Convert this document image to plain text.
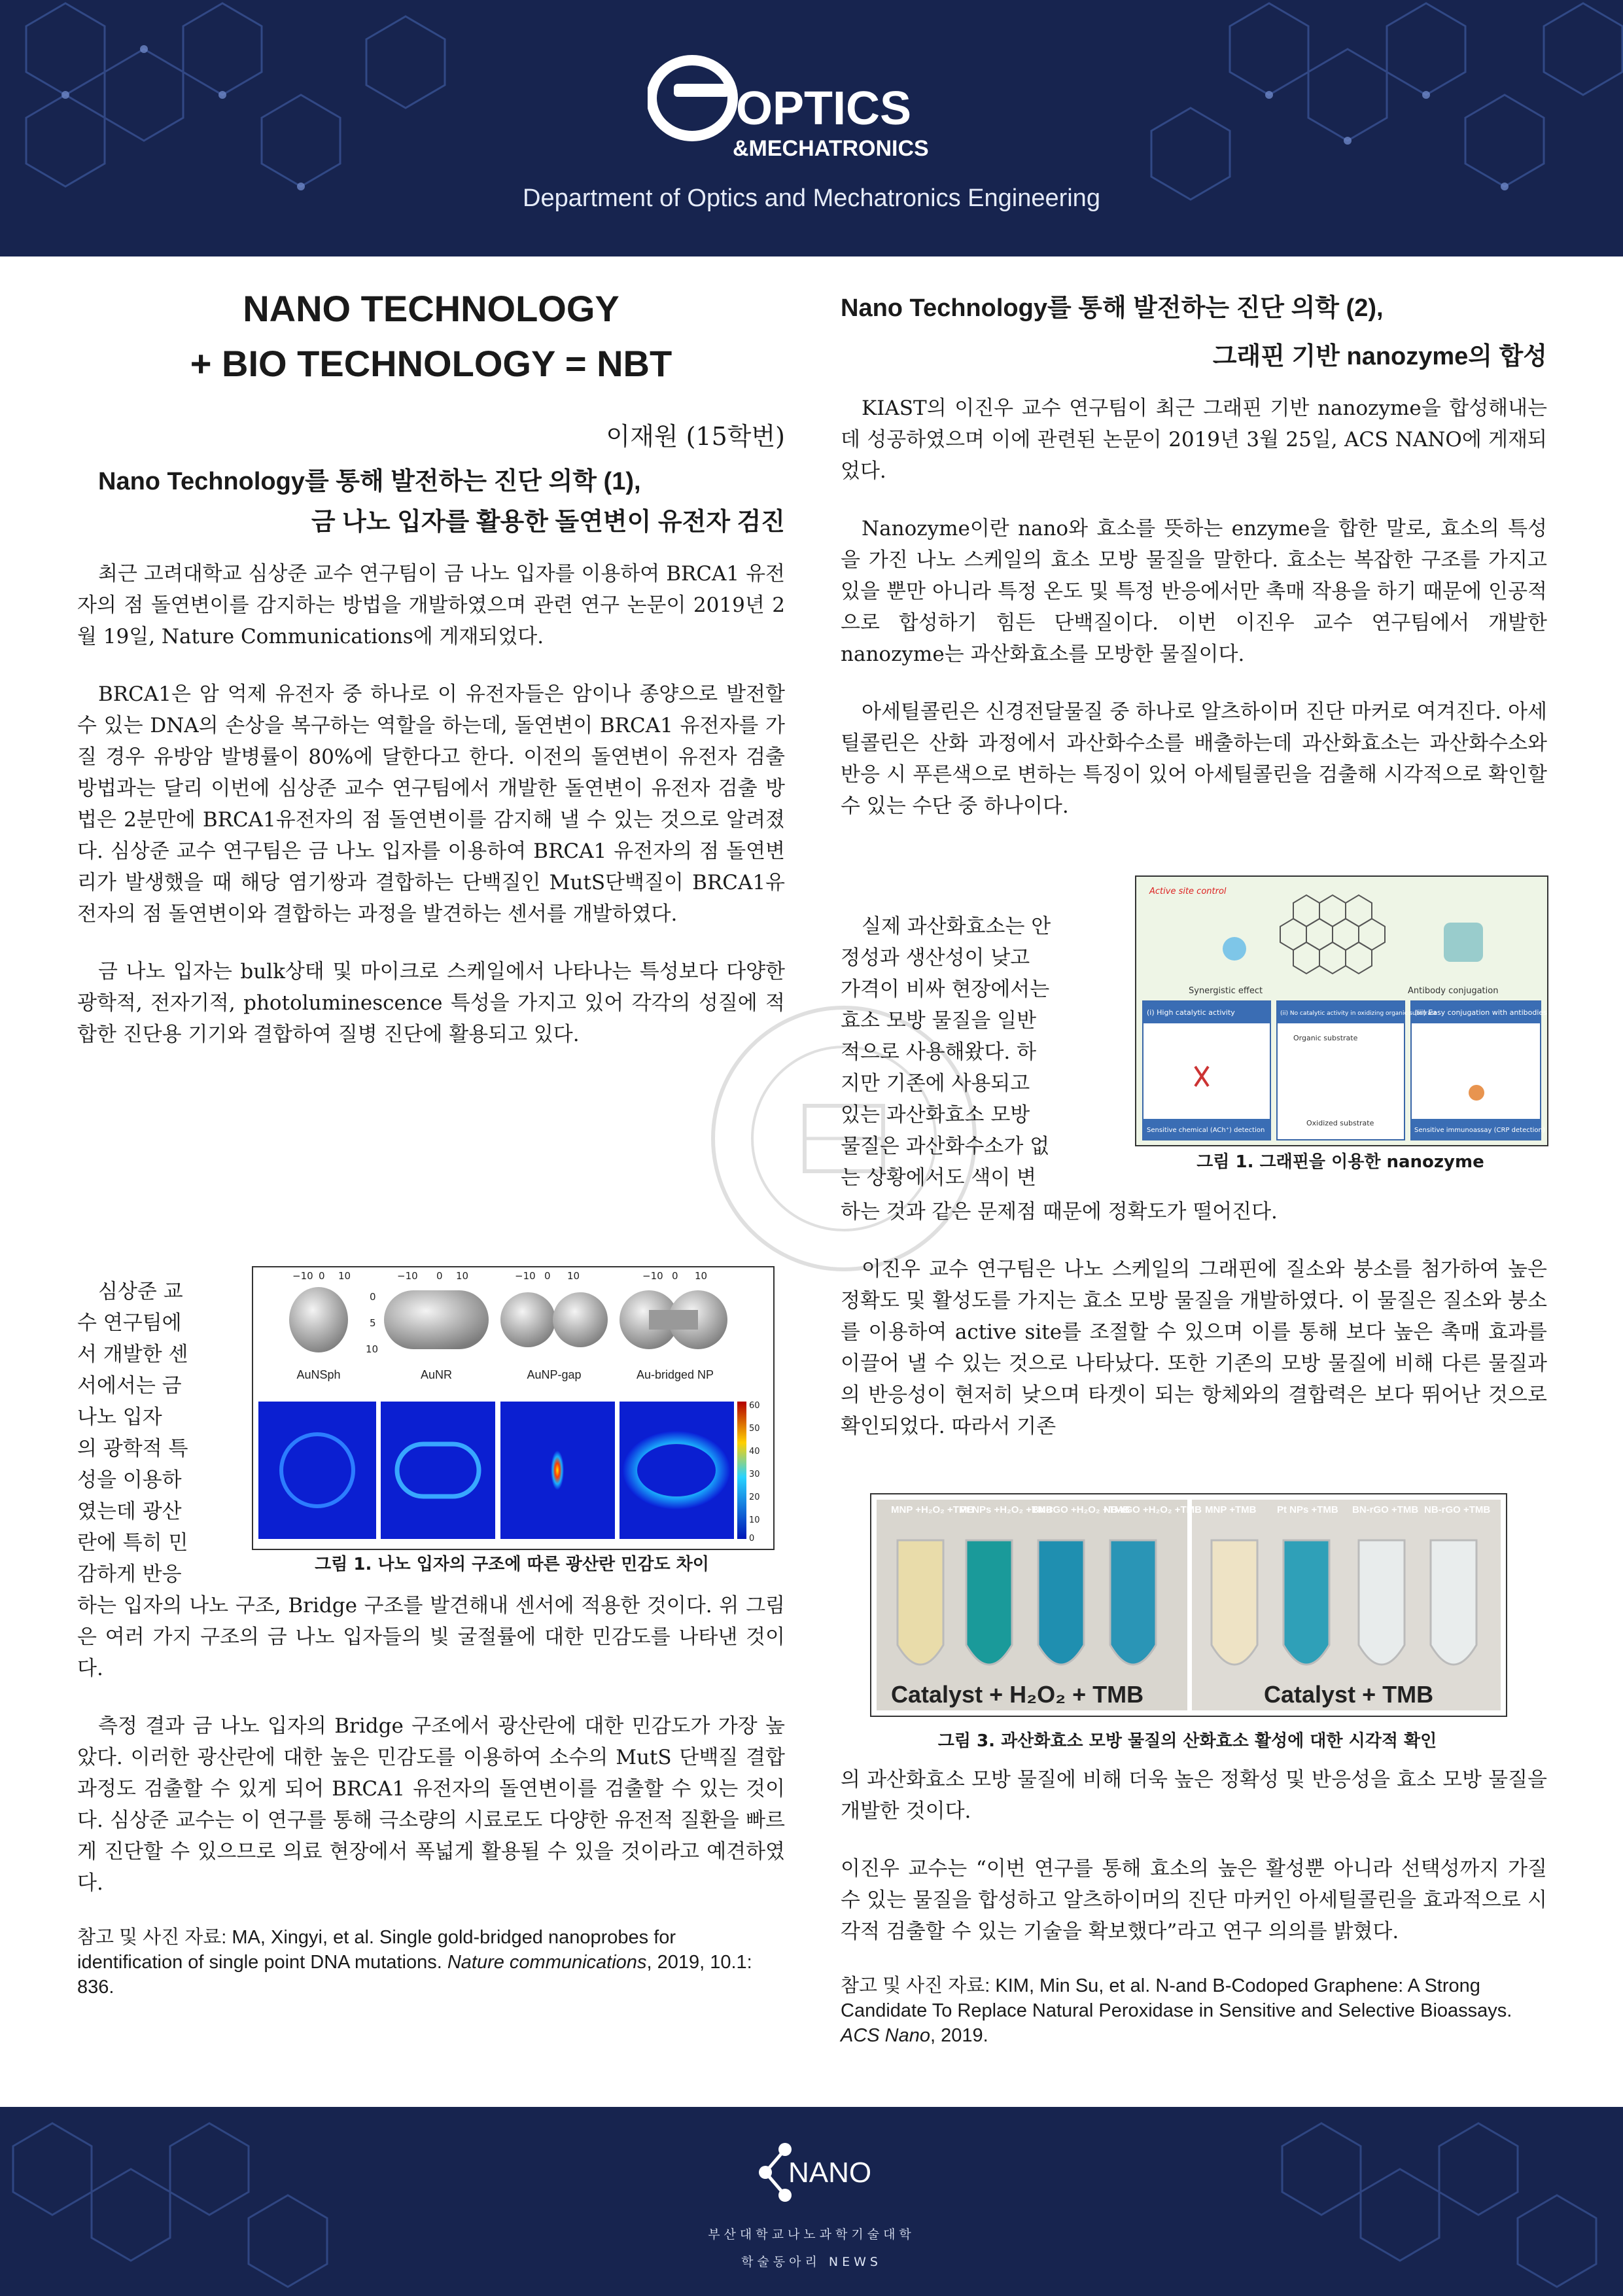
OPTICS
&MECHATRONICS
Department of Optics and Mechatronics Engineering
NANO TECHNOLOGY
+ BIO TECHNOLOGY = NBT
이재원 (15학번)
Nano Technology를 통해 발전하는 진단 의학 (1),
금 나노 입자를 활용한 돌연변이 유전자 검진

최근 고려대학교 심상준 교수 연구팀이 금 나노 입자를 이용하여 BRCA1 유전자의 점 돌연변이를 감지하는 방법을 개발하였으며 관련 연구 논문이 2019년 2월 19일, Nature Communications에 게재되었다.

BRCA1은 암 억제 유전자 중 하나로 이 유전자들은 암이나 종양으로 발전할 수 있는 DNA의 손상을 복구하는 역할을 하는데, 돌연변이 BRCA1 유전자를 가질 경우 유방암 발병률이 80%에 달한다고 한다. 이전의 돌연변이 유전자 검출 방법과는 달리 이번에 심상준 교수 연구팀에서 개발한 돌연변이 유전자 검출 방법은 2분만에 BRCA1유전자의 점 돌연변이를 감지해 낼 수 있는 것으로 알려졌다. 심상준 교수 연구팀은 금 나노 입자를 이용하여 BRCA1 유전자의 점 돌연변리가 발생했을 때 해당 염기쌍과 결합하는 단백질인 MutS단백질이 BRCA1유전자의 점 돌연변이와 결합하는 과정을 발견하는 센서를 개발하였다.

금 나노 입자는 bulk상태 및 마이크로 스케일에서 나타나는 특성보다 다양한 광학적, 전자기적, photoluminescence 특성을 가지고 있어 각각의 성질에 적합한 진단용 기기와 결합하여 질병 진단에 활용되고 있다.

심상준 교
수 연구팀에
서 개발한 센
서에서는 금
나노 입자
의 광학적 특
성을 이용하
였는데 광산
란에 특히 민
감하게 반응
−10 0 10	−10 0 10	−10 0 10	−10 0 10
0
5
10
AuNSph	AuNR	AuNP-gap	Au-bridged NP
60
50
40
30
20
10
0
그림 1. 나노 입자의 구조에 따른 광산란 민감도 차이

하는 입자의 나노 구조, Bridge 구조를 발견해내 센서에 적용한 것이다. 위 그림은 여러 가지 구조의 금 나노 입자들의 빛 굴절률에 대한 민감도를 나타낸 것이다.

측정 결과 금 나노 입자의 Bridge 구조에서 광산란에 대한 민감도가 가장 높았다. 이러한 광산란에 대한 높은 민감도를 이용하여 소수의 MutS 단백질 결합과정도 검출할 수 있게 되어 BRCA1 유전자의 돌연변이를 검출할 수 있는 것이다. 심상준 교수는 이 연구를 통해 극소량의 시료로도 다양한 유전적 질환을 빠르게 진단할 수 있으므로 의료 현장에서 폭넓게 활용될 수 있을 것이라고 예견하였다.

참고 및 사진 자료: MA, Xingyi, et al. Single gold-bridged nanoprobes for identification of single point DNA mutations. Nature communications, 2019, 10.1: 836.
Nano Technology를 통해 발전하는 진단 의학 (2),
그래핀 기반 nanozyme의 합성

KIAST의 이진우 교수 연구팀이 최근 그래핀 기반 nanozyme을 합성해내는 데 성공하였으며 이에 관련된 논문이 2019년 3월 25일, ACS NANO에 게재되었다.

Nanozyme이란 nano와 효소를 뜻하는 enzyme을 합한 말로, 효소의 특성을 가진 나노 스케일의 효소 모방 물질을 말한다. 효소는 복잡한 구조를 가지고 있을 뿐만 아니라 특정 온도 및 특정 반응에서만 촉매 작용을 하기 때문에 인공적으로 합성하기 힘든 단백질이다. 이번 이진우 교수 연구팀에서 개발한 nanozyme는 과산화효소를 모방한 물질이다.

아세틸콜린은 신경전달물질 중 하나로 알츠하이머 진단 마커로 여겨진다. 아세틸콜린은 산화 과정에서 과산화수소를 배출하는데 과산화효소는 과산화수소와 반응 시 푸른색으로 변하는 특징이 있어 아세틸콜린을 검출해 시각적으로 확인할 수 있는 수단 중 하나이다.

실제 과산화효소는 안
정성과 생산성이 낮고
가격이 비싸 현장에서는
효소 모방 물질을 일반
적으로 사용해왔다. 하
지만 기존에 사용되고
있는 과산화효소 모방
물질은 과산화수소가 없
는 상황에서도 색이 변
Active site control
Synergistic effect	Antibody conjugation
(i) High catalytic activity	(ii) No catalytic activity in oxidizing organic substrate
(iii) Easy conjugation with antibodies
Organic substrate
Oxidized substrate
Sensitive chemical (ACh⁺) detection	Sensitive immunoassay (CRP detection)
그림 1. 그래핀을 이용한 nanozyme

하는 것과 같은 문제점 때문에 정확도가 떨어진다.

이진우 교수 연구팀은 나노 스케일의 그래핀에 질소와 붕소를 첨가하여 높은 정확도 및 활성도를 가지는 효소 모방 물질을 개발하였다. 이 물질은 질소와 붕소를 이용하여 active site를 조절할 수 있으며 이를 통해 보다 높은 촉매 효과를 이끌어 낼 수 있는 것으로 나타났다. 또한 기존의 모방 물질에 비해 다른 물질과의 반응성이 현저히 낮으며 타겟이 되는 항체와의 결합력은 보다 뛰어난 것으로 확인되었다. 따라서 기존

MNP +H₂O₂ +TMB
Pt NPs +H₂O₂ +TMB
BN-rGO +H₂O₂ +TMB
NB-rGO +H₂O₂ +TMB MNP +TMB Pt NPs +TMB BN-rGO +TMB NB-rGO +TMB
Catalyst + H₂O₂ + TMB	Catalyst + TMB
그림 3. 과산화효소 모방 물질의 산화효소 활성에 대한 시각적 확인

의 과산화효소 모방 물질에 비해 더욱 높은 정확성 및 반응성을 효소 모방 물질을 개발한 것이다.

이진우 교수는 “이번 연구를 통해 효소의 높은 활성뿐 아니라 선택성까지 가질 수 있는 물질을 합성하고 알츠하이머의 진단 마커인 아세틸콜린을 효과적으로 시각적 검출할 수 있는 기술을 확보했다”라고 연구 의의를 밝혔다.

참고 및 사진 자료: KIM, Min Su, et al. N-and B-Codoped Graphene: A Strong Candidate To Replace Natural Peroxidase in Sensitive and Selective Bioassays. ACS Nano, 2019.
NANO
부산대학교나노과학기술대학
학술동아리 NEWS
